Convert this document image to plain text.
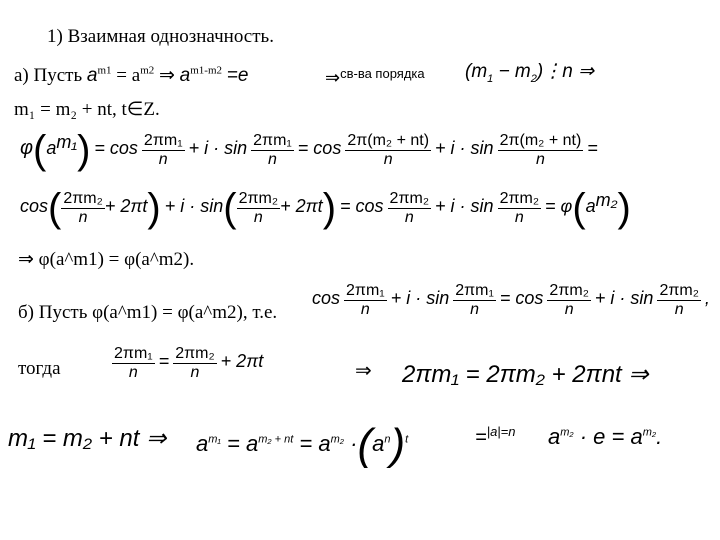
1) Взаимная однозначность.
а) Пусть $a^{m1} = a^{m2}$ ⇒ $a^{m1-m2} =e$	⇒св-ва порядка ($m_1$ − $m_2)⋮n$ ⇒
m₁ = m₂ + nt, t∈Z.
$\varphi(a^{m_1}) = \cos \frac{\text{2πm₁}}{n} + i \cdot \sin \frac{\text{2πm₁}}{n} = \cos \frac{\text{2π(m₂ + nt)}}{n} + i \cdot \sin \frac{\text{2π(m₂ + nt)}}{n}$ =
$\cos( \frac{\text{2πm₂}}{n} + 2\pi t) + i \cdot \sin( \frac{\text{2πm₂}}{n} + 2\pi t) = \cos \frac{\text{2πm₂}}{n} + i \cdot \sin \frac{\text{2πm₂}}{n} = \varphi(a^{m_2})$
⇒ φ(a^m1) = φ(a^m2).
б) Пусть φ(a^m1) = φ(a^m2), т.е.
$\cos \frac{\text{2πm₁}}{n} + i \cdot \sin \frac{\text{2πm₁}}{n} = \cos \frac{\text{2πm₂}}{n} + i \cdot \sin \frac{\text{2πm₂}}{n}$ ,
тогда	$\frac{\text{2πm₁}}{n} = \frac{\text{2πm₂}}{n} + 2\pi t$	⇒ 2πm₁ = 2πm₂ + 2πnt ⇒
m₁ = m₂ + nt ⇒ $a^{m_1} = a^{m_2 + nt} = a^{m_2} \cdot(a^n)^t$	=$^{|a|=n}$ $a^{m_2} \cdot e = a^{m_2}$.
